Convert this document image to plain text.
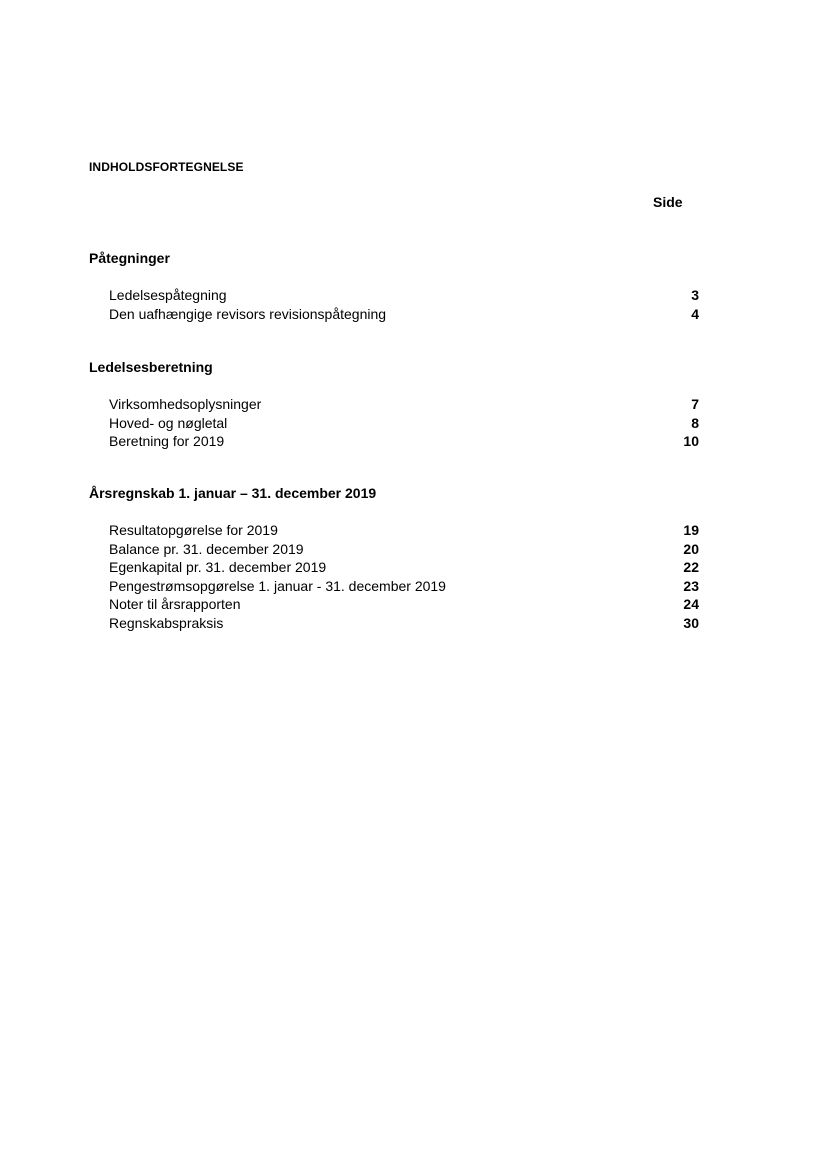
INDHOLDSFORTEGNELSE
Side
Påtegninger
Ledelsespåtegning	3
Den uafhængige revisors revisionspåtegning	4
Ledelsesberetning
Virksomhedsoplysninger	7
Hoved- og nøgletal	8
Beretning for 2019	10
Årsregnskab 1. januar – 31. december 2019
Resultatopgørelse for 2019	19
Balance pr. 31. december 2019	20
Egenkapital pr. 31. december 2019	22
Pengestrømsopgørelse 1. januar - 31. december 2019	23
Noter til årsrapporten	24
Regnskabspraksis	30
